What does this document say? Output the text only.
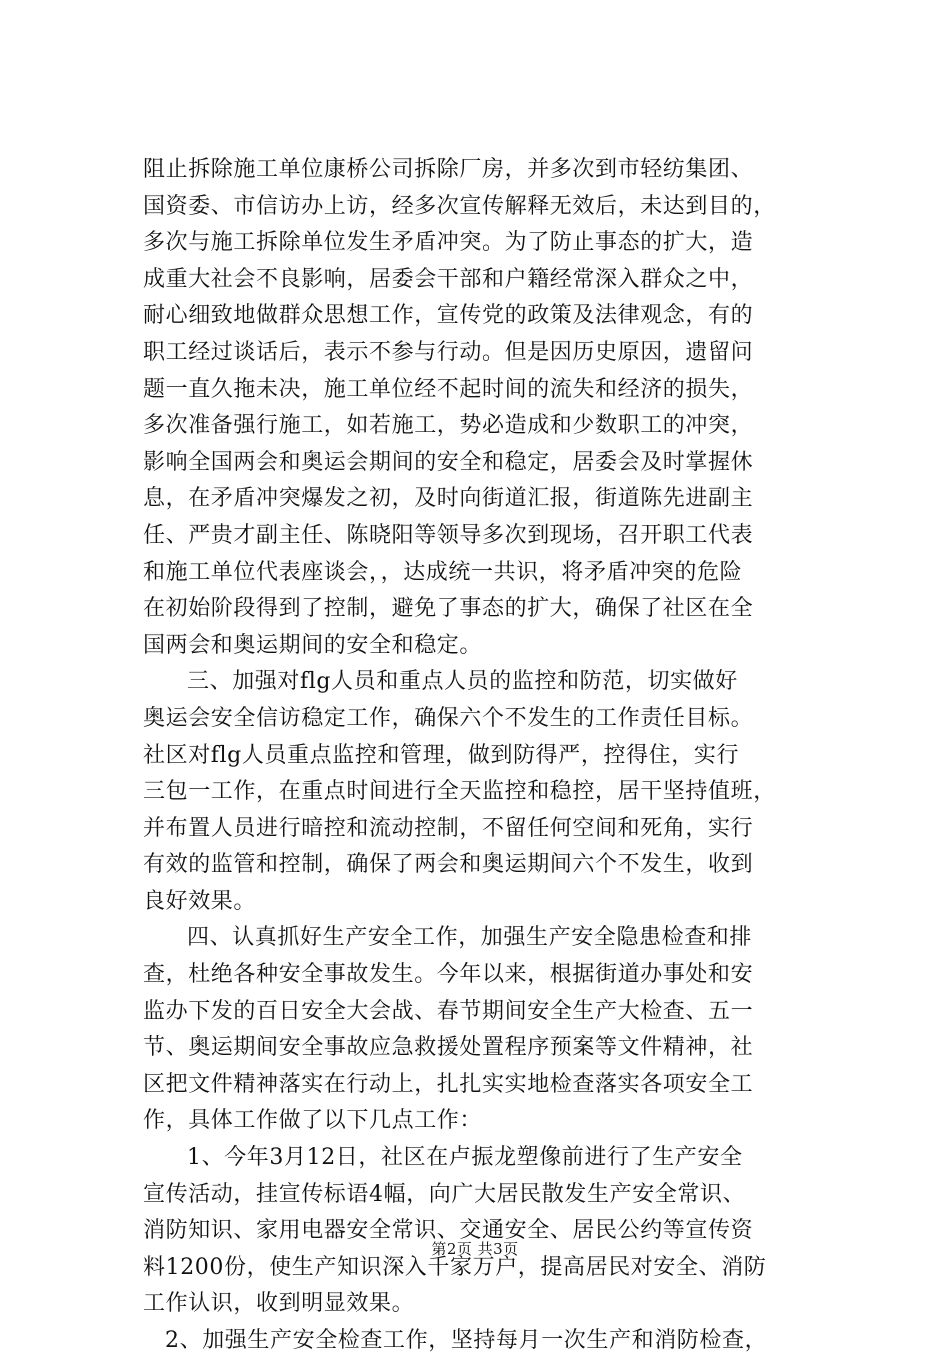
阻止拆除施工单位康桥公司拆除厂房，并多次到市轻纺集团、
国资委、市信访办上访，经多次宣传解释无效后，未达到目的，
多次与施工拆除单位发生矛盾冲突。为了防止事态的扩大，造
成重大社会不良影响，居委会干部和户籍经常深入群众之中，
耐心细致地做群众思想工作，宣传党的政策及法律观念，有的
职工经过谈话后，表示不参与行动。但是因历史原因，遗留问
题一直久拖未决，施工单位经不起时间的流失和经济的损失，
多次准备强行施工，如若施工，势必造成和少数职工的冲突，
影响全国两会和奥运会期间的安全和稳定，居委会及时掌握休
息，在矛盾冲突爆发之初，及时向街道汇报，街道陈先进副主
任、严贵才副主任、陈晓阳等领导多次到现场，召开职工代表
和施工单位代表座谈会，，达成统一共识，将矛盾冲突的危险
在初始阶段得到了控制，避免了事态的扩大，确保了社区在全
国两会和奥运期间的安全和稳定。
三、加强对flg人员和重点人员的监控和防范，切实做好
奥运会安全信访稳定工作，确保六个不发生的工作责任目标。
社区对flg人员重点监控和管理，做到防得严，控得住，实行
三包一工作，在重点时间进行全天监控和稳控，居干坚持值班，
并布置人员进行暗控和流动控制，不留任何空间和死角，实行
有效的监管和控制，确保了两会和奥运期间六个不发生，收到
良好效果。
四、认真抓好生产安全工作，加强生产安全隐患检查和排
查，杜绝各种安全事故发生。今年以来，根据街道办事处和安
监办下发的百日安全大会战、春节期间安全生产大检查、五一
节、奥运期间安全事故应急救援处置程序预案等文件精神，社
区把文件精神落实在行动上，扎扎实实地检查落实各项安全工
作，具体工作做了以下几点工作：
1、今年3月12日，社区在卢振龙塑像前进行了生产安全
宣传活动，挂宣传标语4幅，向广大居民散发生产安全常识、
消防知识、家用电器安全常识、交通安全、居民公约等宣传资
料1200份，使生产知识深入千家万户，提高居民对安全、消防
工作认识，收到明显效果。
2、加强生产安全检查工作，坚持每月一次生产和消防检查，
第2页 共3页
